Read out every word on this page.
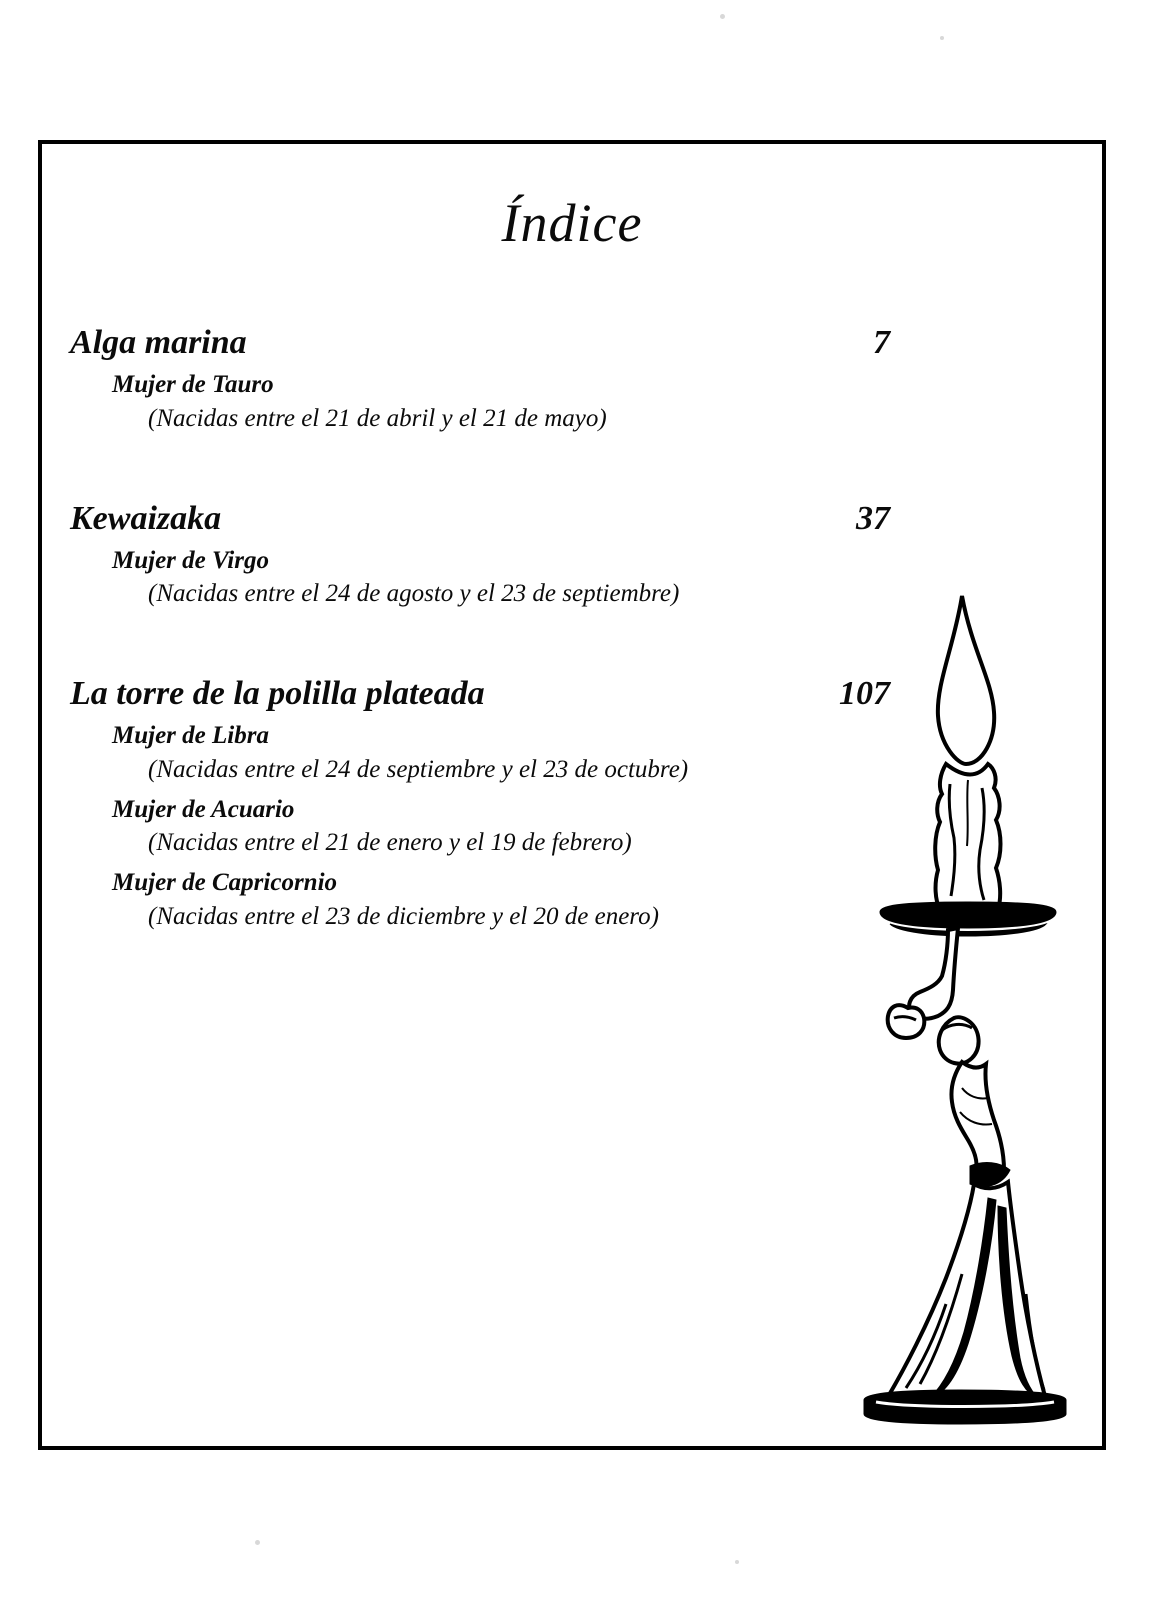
Índice
Alga marina	7
Mujer de Tauro
(Nacidas entre el 21 de abril y el 21 de mayo)
Kewaizaka	37
Mujer de Virgo
(Nacidas entre el 24 de agosto y el 23 de septiembre)
La torre de la polilla plateada	107
Mujer de Libra
(Nacidas entre el 24 de septiembre y el 23 de octubre)
Mujer de Acuario
(Nacidas entre el 21 de enero y el 19 de febrero)
Mujer de Capricornio
(Nacidas entre el 23 de diciembre y el 20 de enero)
